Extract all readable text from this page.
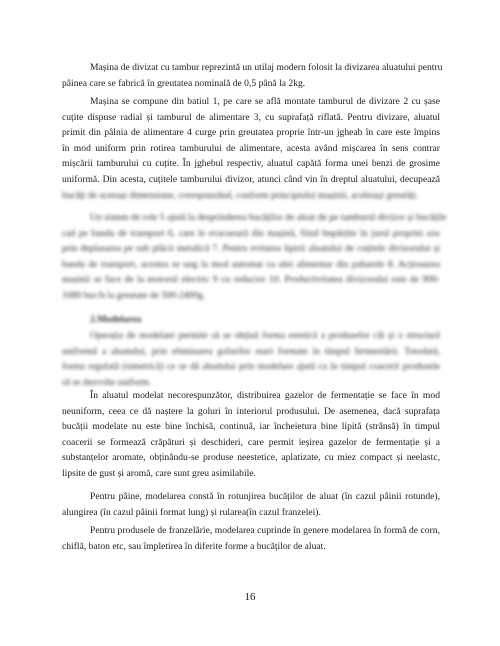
Mașina de divizat cu tambur reprezintă un utilaj modern folosit la divizarea aluatului pentru
pâinea care se fabrică în greutatea nominală de 0,5 până la 2kg.
Mașina se compune din batiul 1, pe care se află montate tamburul de divizare 2 cu șase
cuțite dispuse radial și tamburul de alimentare 3, cu suprafață riflată. Pentru divizare, aluatul
primit din pâlnia de alimentare 4 curge prin greutatea proprie într-un jgheab în care este împins
în mod uniform prin rotirea tamburului de alimentare, acesta având mișcarea în sens contrar
mișcării tamburului cu cuțite. În jghebul respectiv, aluatul capătă forma unei benzi de grosime
uniformă. Din acesta, cuțitele tamburului divizor, atunci când vin în dreptul aluatului, decupează
bucăți de aceeași dimensiune, corespunzând, conform principiului mașinii, aceleiași greutăți.
Un sistem de role 5 ajută la desprinderea bucăților de aluat de pe tamburul divizor și bucățile
cad pe banda de transport 6, care le evacuează din mașină, fiind împărțite în jurul propriei axe
prin deplasarea pe sub plăcii metalică 7. Pentru evitarea lipirii aluatului de cuțitele divizorului și
banda de transport, acestea se ung la mod automat cu ulei alimentar din paharele 8. Acționarea
mașinii se face de la motorul electric 9 cu reductor 10. Productivitatea divizorului este de 900-
1080 buc/h la greutate de 500-2400g.
2.Modelarea
Operația de modelare permite să se obțină forma estetică a produselor cât și o structură
uniformă a aluatului, prin eliminarea golurilor mari formate în timpul fermentării. Totodată,
forma regulată (simetrică) ce se dă aluatului prin modelare ajută ca în timpul coacerii produsele
să se dezvolte uniform.
În aluatul modelat necorespunzător, distribuirea gazelor de fermentație se face în mod
neuniform, ceea ce dă naștere la goluri în interiorul produsului. De asemenea, dacă suprafața
bucății modelate nu este bine închisă, continuă, iar încheietura bine lipită (strânsă) în timpul
coacerii se formează crăpături și deschideri, care permit ieșirea gazelor de fermentație și a
substanțelor aromate, obținându-se produse neestetice, aplatizate, cu miez compact și neelastc,
lipsite de gust și aromă, care sunt greu asimilabile.
Pentru pâine, modelarea constă în rotunjirea bucăților de aluat (în cazul pâinii rotunde),
alungirea (în cazul pâinii format lung) și rularea(în cazul franzelei).
Pentru produsele de franzelărie, modelarea cuprinde în genere modelarea în formă de corn,
chiflă, baton etc, sau împletirea în diferite forme a bucăților de aluat.
16
